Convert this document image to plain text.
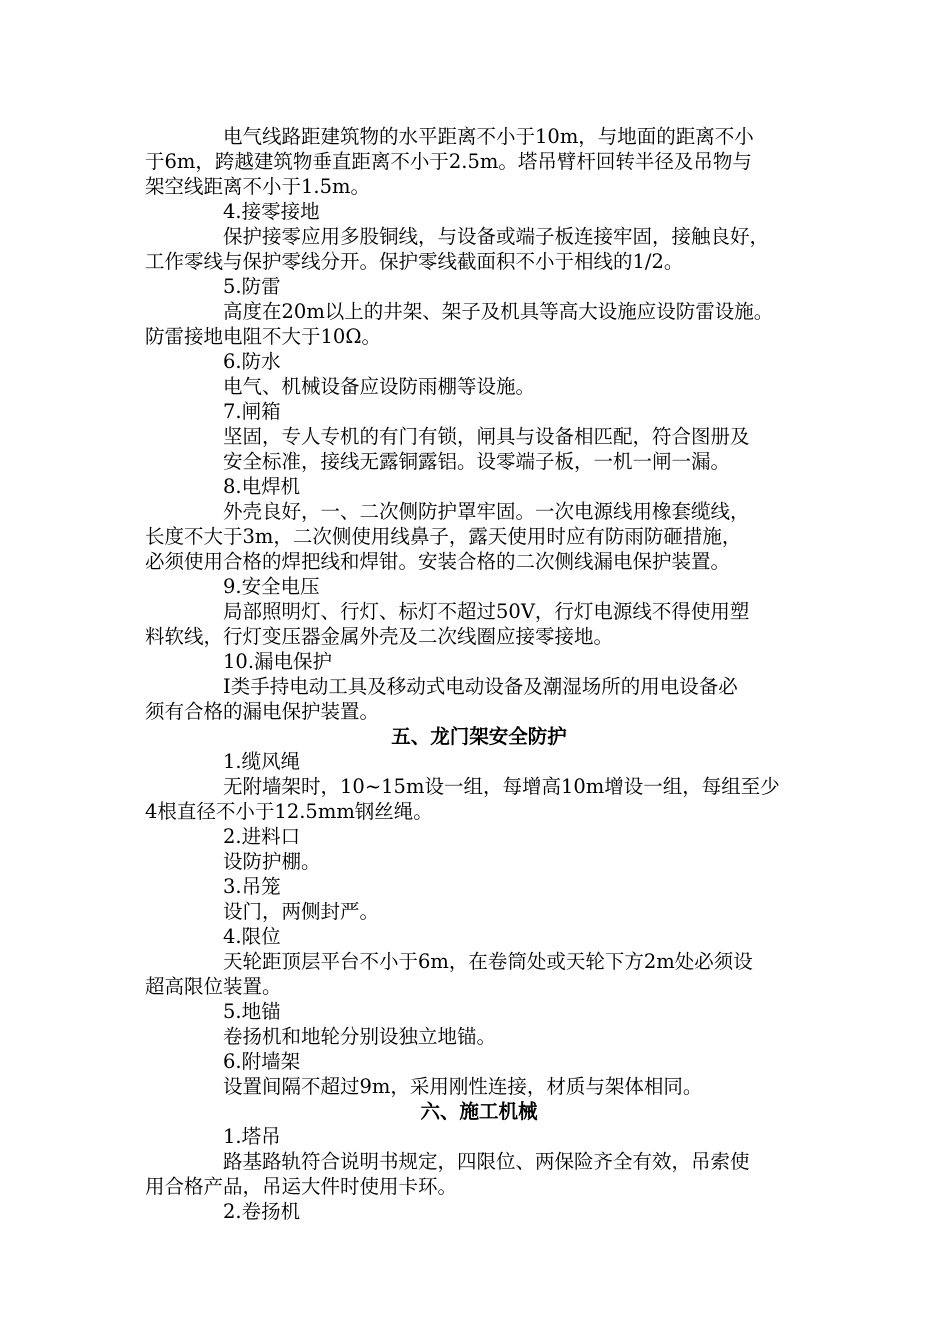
电气线路距建筑物的水平距离不小于10m，与地面的距离不小
于6m，跨越建筑物垂直距离不小于2.5m。塔吊臂杆回转半径及吊物与
架空线距离不小于1.5m。
4.接零接地
保护接零应用多股铜线，与设备或端子板连接牢固，接触良好，
工作零线与保护零线分开。保护零线截面积不小于相线的1/2。
5.防雷
高度在20m以上的井架、架子及机具等高大设施应设防雷设施。
防雷接地电阻不大于10Ω。
6.防水
电气、机械设备应设防雨棚等设施。
7.闸箱
坚固，专人专机的有门有锁，闸具与设备相匹配，符合图册及
安全标准，接线无露铜露铝。设零端子板，一机一闸一漏。
8.电焊机
外壳良好，一、二次侧防护罩牢固。一次电源线用橡套缆线，
长度不大于3m，二次侧使用线鼻子，露天使用时应有防雨防砸措施，
必须使用合格的焊把线和焊钳。安装合格的二次侧线漏电保护装置。
9.安全电压
局部照明灯、行灯、标灯不超过50V，行灯电源线不得使用塑
料软线，行灯变压器金属外壳及二次线圈应接零接地。
10.漏电保护
I类手持电动工具及移动式电动设备及潮湿场所的用电设备必
须有合格的漏电保护装置。
五、龙门架安全防护
1.缆风绳
无附墙架时，10~15m设一组，每增高10m增设一组，每组至少
4根直径不小于12.5mm钢丝绳。
2.进料口
设防护棚。
3.吊笼
设门，两侧封严。
4.限位
天轮距顶层平台不小于6m，在卷筒处或天轮下方2m处必须设
超高限位装置。
5.地锚
卷扬机和地轮分别设独立地锚。
6.附墙架
设置间隔不超过9m，采用刚性连接，材质与架体相同。
六、施工机械
1.塔吊
路基路轨符合说明书规定，四限位、两保险齐全有效，吊索使
用合格产品，吊运大件时使用卡环。
2.卷扬机
